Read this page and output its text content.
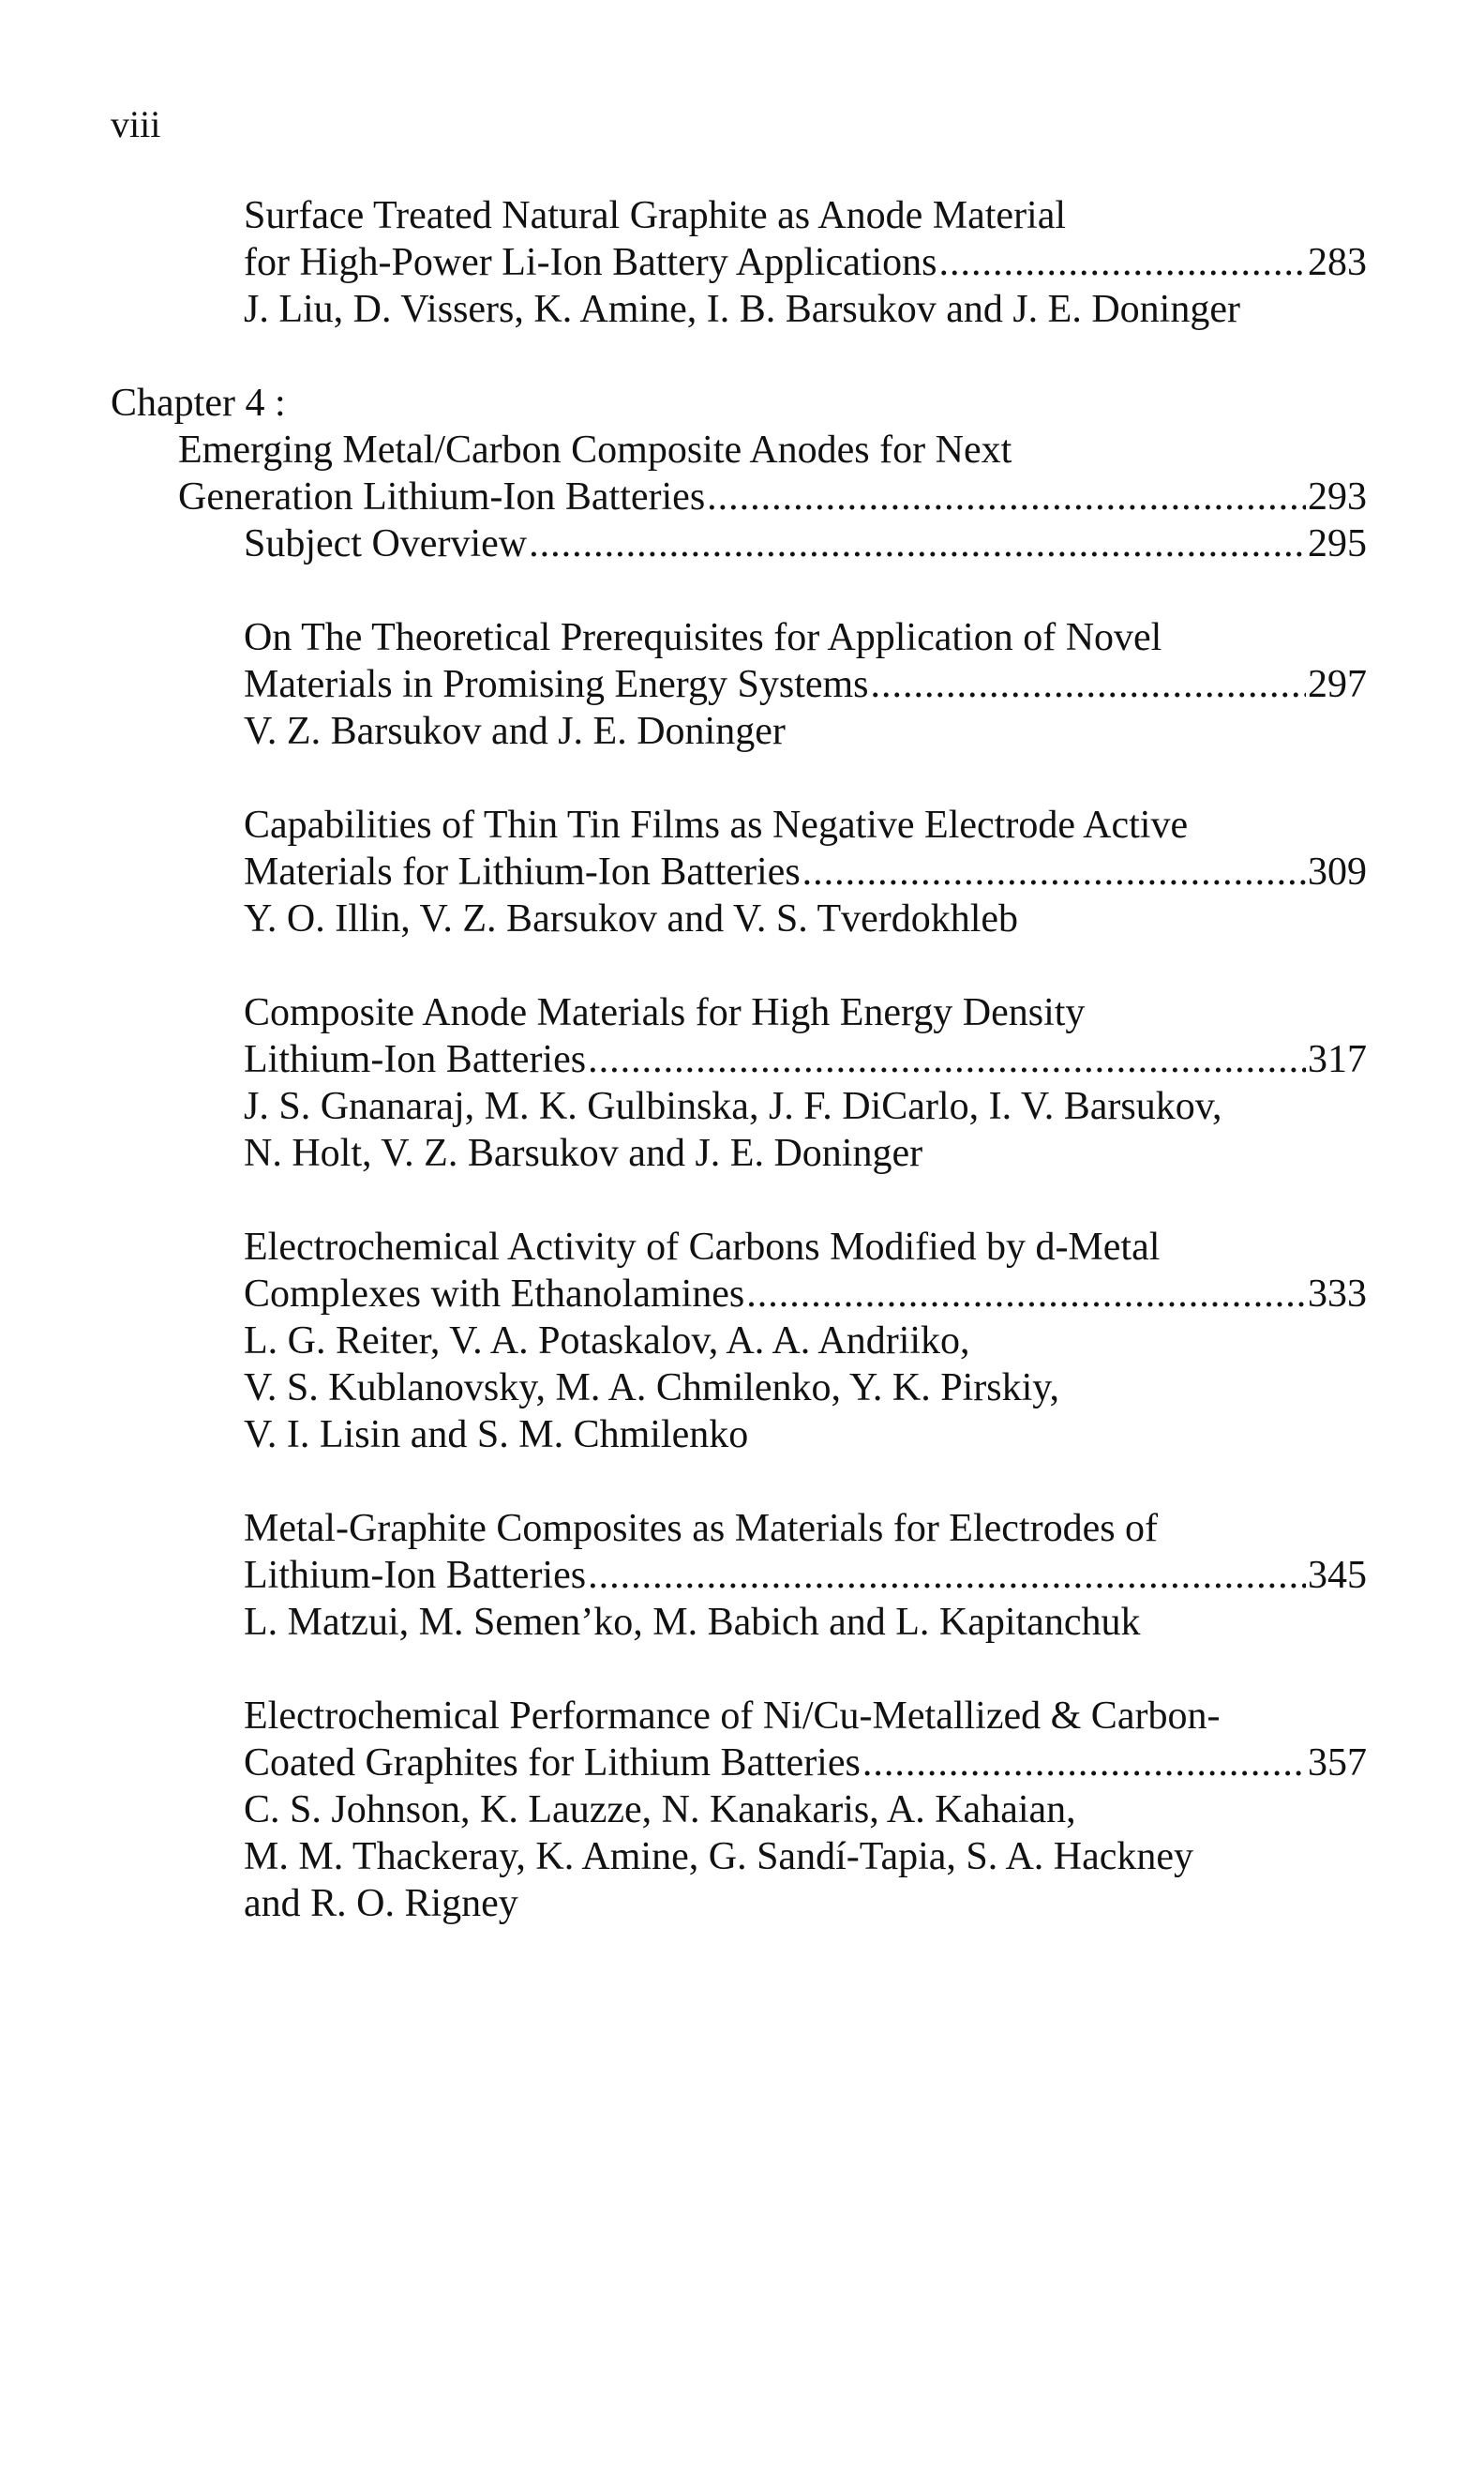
viii
Surface Treated Natural Graphite as Anode Material
for High-Power Li-Ion Battery Applications .....	283
J. Liu, D. Vissers, K. Amine, I. B. Barsukov and J. E. Doninger
Chapter 4 :
Emerging Metal/Carbon Composite Anodes for Next
Generation Lithium-Ion Batteries .....	293
Subject Overview .....	295
On The Theoretical Prerequisites for Application of Novel
Materials in Promising Energy Systems .....	297
V. Z. Barsukov and J. E. Doninger
Capabilities of Thin Tin Films as Negative Electrode Active
Materials for Lithium-Ion Batteries .....	309
Y. O. Illin, V. Z. Barsukov and V. S. Tverdokhleb
Composite Anode Materials for High Energy Density
Lithium-Ion Batteries .....	317
J. S. Gnanaraj, M. K. Gulbinska, J. F. DiCarlo, I. V. Barsukov,
N. Holt, V. Z. Barsukov and J. E. Doninger
Electrochemical Activity of Carbons Modified by d-Metal
Complexes with Ethanolamines .....	333
L. G. Reiter, V. A. Potaskalov, A. A. Andriiko,
V. S. Kublanovsky, M. A. Chmilenko, Y. K. Pirskiy,
V. I. Lisin and S. M. Chmilenko
Metal-Graphite Composites as Materials for Electrodes of
Lithium-Ion Batteries .....	345
L. Matzui, M. Semen’ko, M. Babich and L. Kapitanchuk
Electrochemical Performance of Ni/Cu-Metallized & Carbon-
Coated Graphites for Lithium Batteries .....	357
C. S. Johnson, K. Lauzze, N. Kanakaris, A. Kahaian,
M. M. Thackeray, K. Amine, G. Sandí-Tapia, S. A. Hackney
and R. O. Rigney
